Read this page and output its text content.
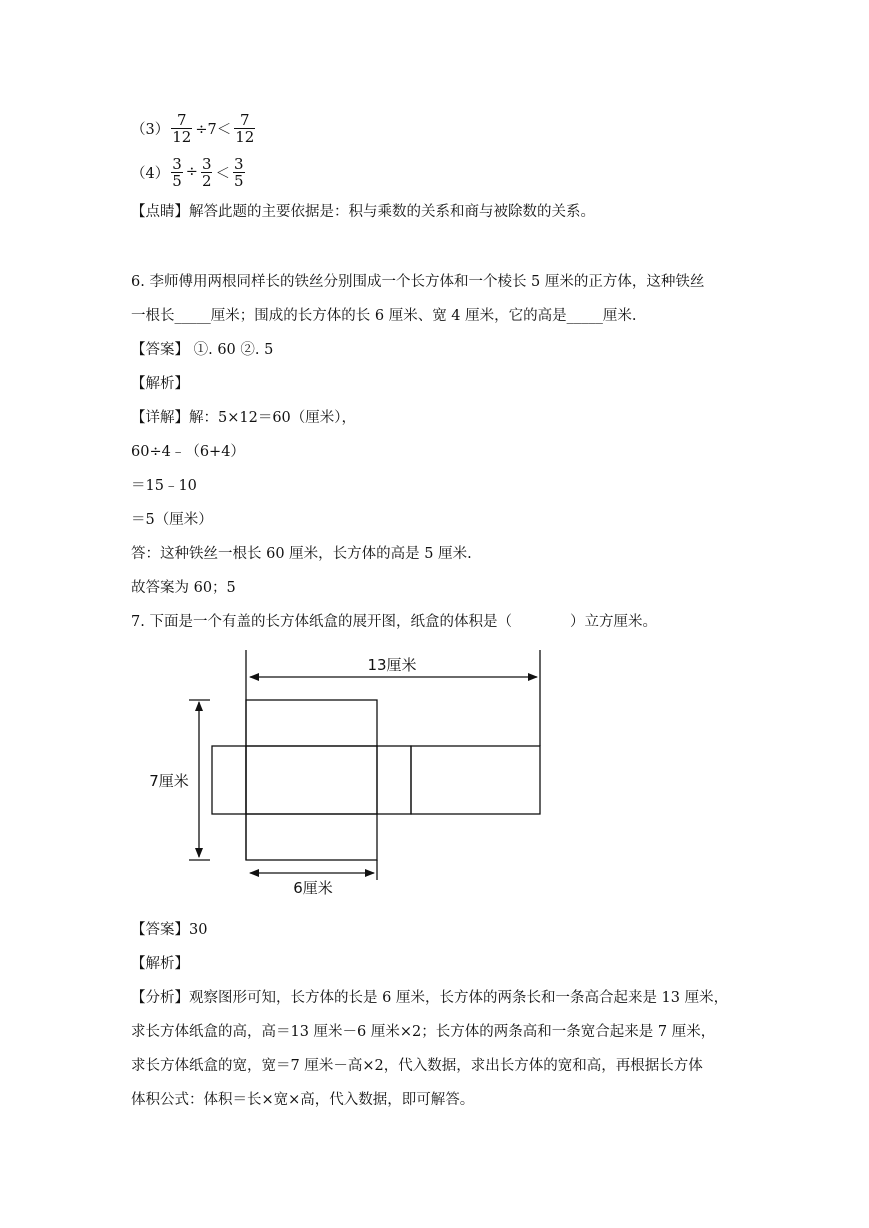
$(3) \frac{7}{12} \div 7< \frac{7}{12}$
$(4) \frac{3}{5} \div \frac{3}{2} < \frac{3}{5}$
【点睛】解答此题的主要依据是：积与乘数的关系和商与被除数的关系。
6. 李师傅用两根同样长的铁丝分别围成一个长方体和一个棱长 5 厘米的正方体，这种铁丝
一根长_____厘米；围成的长方体的长 6 厘米、宽 4 厘米，它的高是_____厘米.
【答案】 ①. 60 ②. 5
【解析】
【详解】解：5×12＝60（厘米），
60÷4﹣（6+4）
＝15﹣10
＝5（厘米）
答：这种铁丝一根长 60 厘米，长方体的高是 5 厘米.
故答案为 60；5
7. 下面是一个有盖的长方体纸盒的展开图，纸盒的体积是（	）立方厘米。
13厘米
7厘米
6厘米
【答案】30
【解析】
【分析】观察图形可知，长方体的长是 6 厘米，长方体的两条长和一条高合起来是 13 厘米，
求长方体纸盒的高，高＝13 厘米－6 厘米×2；长方体的两条高和一条宽合起来是 7 厘米，
求长方体纸盒的宽，宽＝7 厘米－高×2，代入数据，求出长方体的宽和高，再根据长方体
体积公式：体积＝长×宽×高，代入数据，即可解答。
